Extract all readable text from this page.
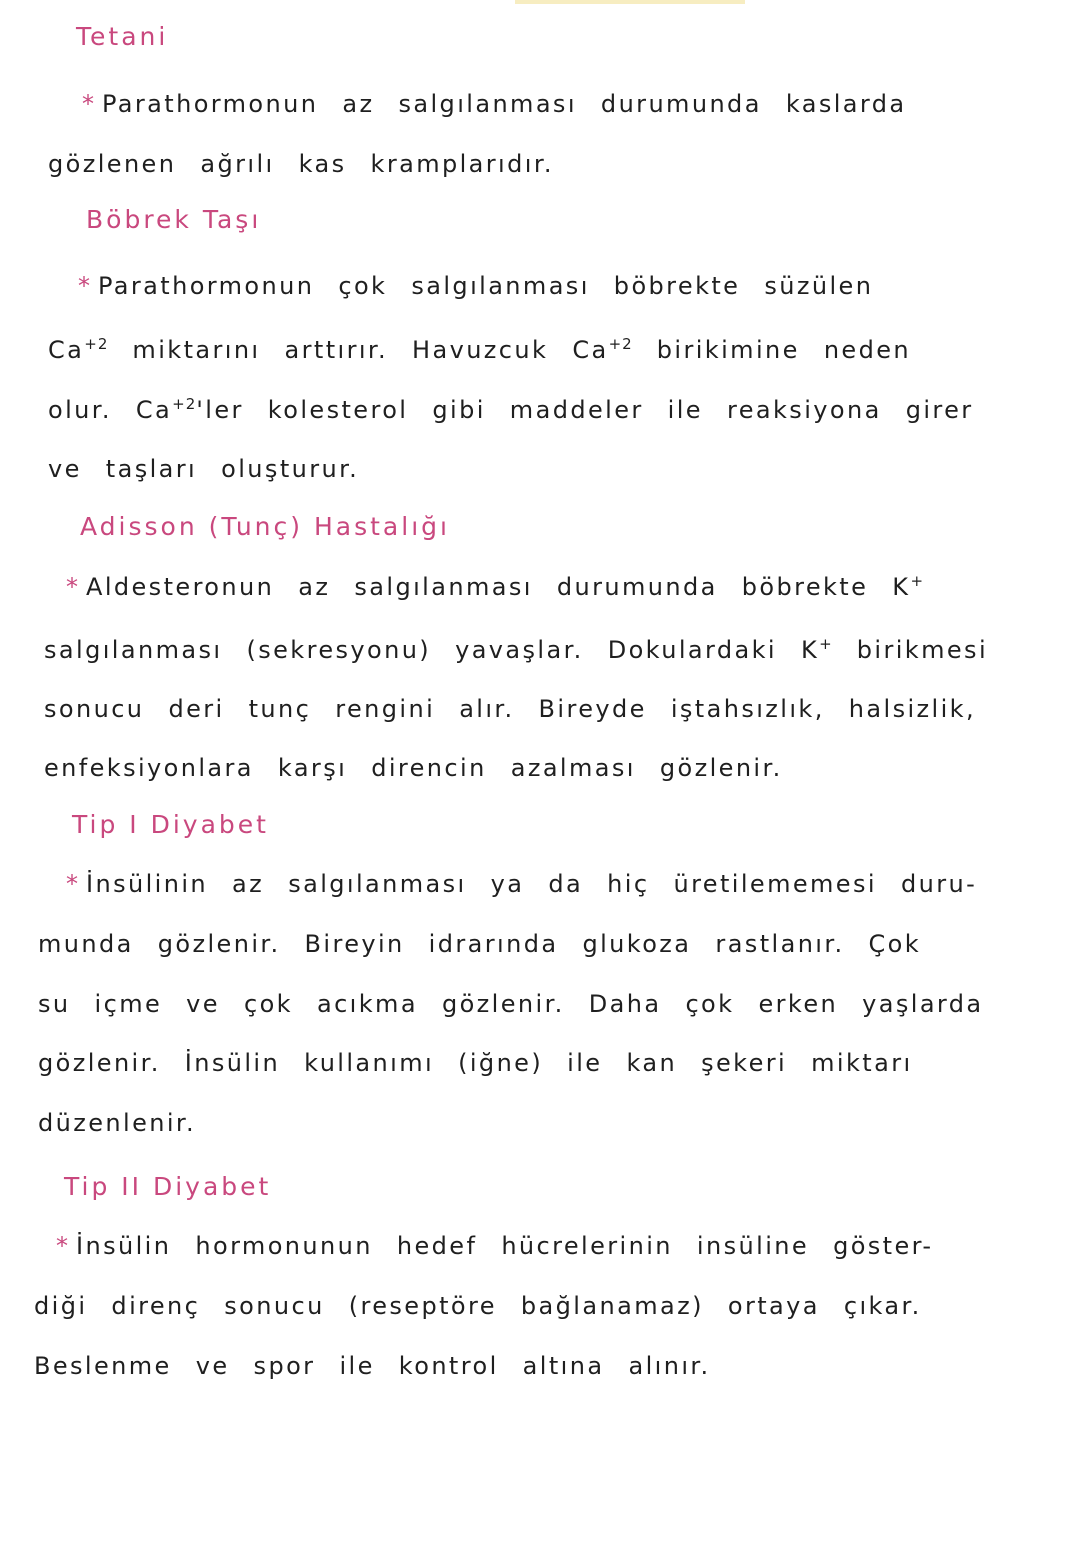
Tetani
* Parathormonun az salgılanması durumunda kaslarda
gözlenen ağrılı kas kramplarıdır.
Böbrek Taşı
* Parathormonun çok salgılanması böbrekte süzülen
$Ca^{+2}$ miktarını arttırır. Havuzcuk $Ca^{+2}$ birikimine neden
olur. $Ca^{+2}'ler$ kolesterol gibi maddeler ile reaksiyona girer
ve taşları oluşturur.
Adisson (Tunç) Hastalığı
* Aldesteronun az salgılanması durumunda böbrekte K+
salgılanması (sekresyonu) yavaşlar. Dokulardaki K+ birikmesi
sonucu deri tunç rengini alır. Bireyde iştahsızlık, halsizlik,
enfeksiyonlara karşı direncin azalması gözlenir.
Tip I Diyabet
* İnsülinin az salgılanması ya da hiç üretilememesi duru-
munda gözlenir. Bireyin idrarında glukoza rastlanır. Çok
su içme ve çok acıkma gözlenir. Daha çok erken yaşlarda
gözlenir. İnsülin kullanımı (iğne) ile kan şekeri miktarı
düzenlenir.
Tip II Diyabet
* İnsülin hormonunun hedef hücrelerinin insüline göster-
diği direnç sonucu (reseptöre bağlanamaz) ortaya çıkar.
Beslenme ve spor ile kontrol altına alınır.
